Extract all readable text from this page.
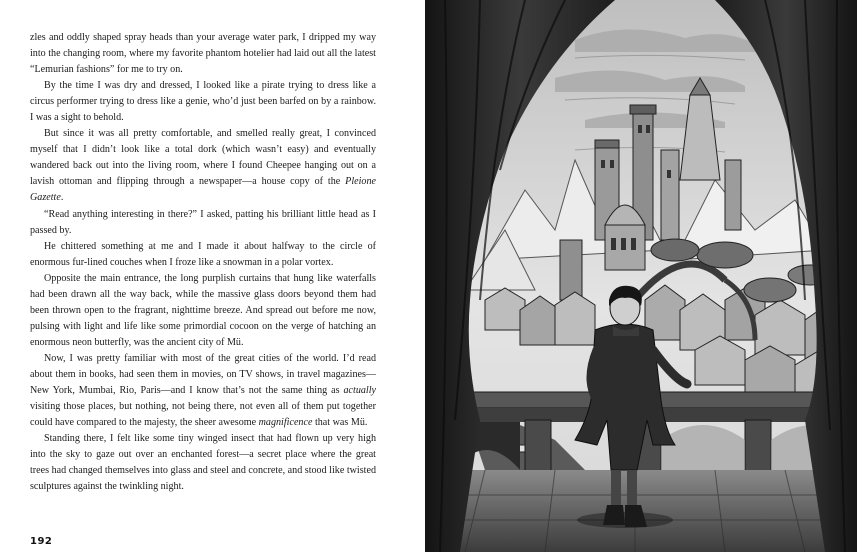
zles and oddly shaped spray heads than your average water park, I dripped my way into the changing room, where my favorite phantom hotelier had laid out all the latest “Lemurian fashions” for me to try on.

By the time I was dry and dressed, I looked like a pirate trying to dress like a circus performer trying to dress like a genie, who’d just been barfed on by a rainbow. I was a sight to behold.

But since it was all pretty comfortable, and smelled really great, I convinced myself that I didn’t look like a total dork (which wasn’t easy) and eventually wandered back out into the living room, where I found Cheepee hanging out on a lavish ottoman and flipping through a newspaper—a house copy of the Pleione Gazette.

“Read anything interesting in there?” I asked, patting his brilliant little head as I passed by.

He chittered something at me and I made it about halfway to the circle of enormous fur-lined couches when I froze like a snowman in a polar vortex.

Opposite the main entrance, the long purplish curtains that hung like waterfalls had been drawn all the way back, while the massive glass doors beyond them had been thrown open to the fragrant, nighttime breeze. And spread out before me now, pulsing with light and life like some primordial cocoon on the verge of hatching an enormous neon butterfly, was the ancient city of Mü.

Now, I was pretty familiar with most of the great cities of the world. I’d read about them in books, had seen them in movies, on TV shows, in travel magazines—New York, Mumbai, Rio, Paris—and I know that’s not the same thing as actually visiting those places, but nothing, not being there, not even all of them put together could have compared to the majesty, the sheer awesome magnificence that was Mü.

Standing there, I felt like some tiny winged insect that had flown up very high into the sky to gaze out over an enchanted forest—a secret place where the great trees had changed themselves into glass and steel and concrete, and stood like twisted sculptures against the twinkling night.

192
